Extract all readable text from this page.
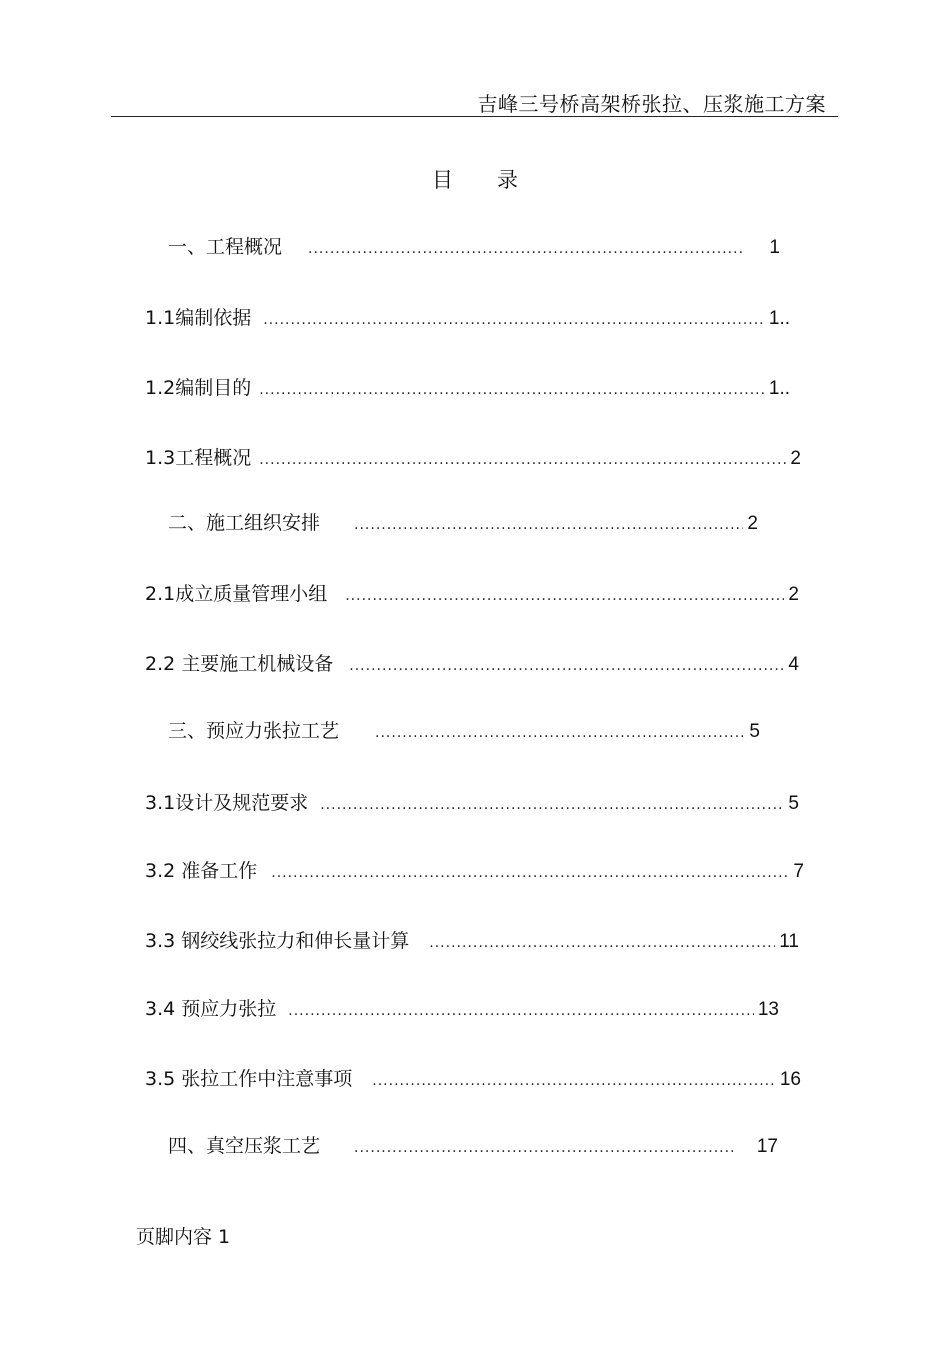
吉峰三号桥高架桥张拉、压浆施工方案
目 录
一、工程概况 .....	1
1.1编制依据 .....	1..
1.2编制目的 .....	1..
1.3工程概况 .....	2
二、施工组织安排 .....	2
2.1成立质量管理小组 .....	2
2.2 主要施工机械设备 .....	4
三、预应力张拉工艺 .....	5
3.1设计及规范要求 .....	5
3.2 准备工作 .....	7
3.3 钢绞线张拉力和伸长量计算 .....	11
3.4 预应力张拉 .....	13
3.5 张拉工作中注意事项 .....	16
四、真空压浆工艺 .....	17
页脚内容 1
